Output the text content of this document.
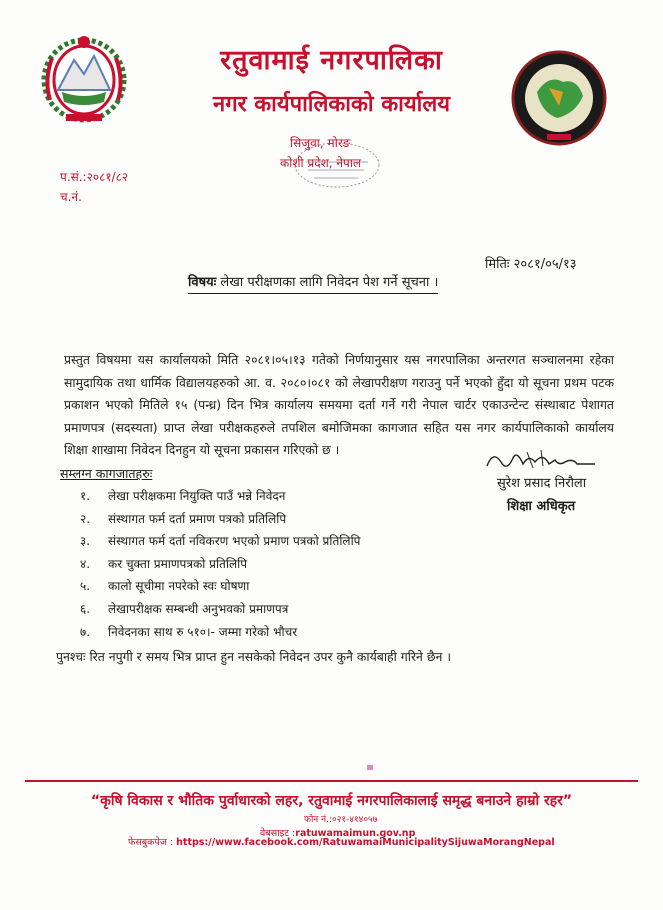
रतुवामाई नगरपालिका
नगर कार्यपालिकाको कार्यालय
सिजुवा, मोरङ
कोशी प्रदेश, नेपाल
प.सं.:२०८१/८२
च.नं.
मितिः २०८१/०५/१३
विषयः लेखा परीक्षणका लागि निवेदन पेश गर्ने सूचना ।
प्रस्तुत विषयमा यस कार्यालयको मिति २०८१।०५।१३ गतेको निर्णयानुसार यस नगरपालिका अन्तरगत सञ्चालनमा रहेका सामुदायिक तथा धार्मिक विद्यालयहरुको आ. व. २०८०।०८१ को लेखापरीक्षण गराउनु पर्ने भएको हुँदा यो सूचना प्रथम पटक प्रकाशन भएको मितिले १५ (पन्ध्र) दिन भित्र कार्यालय समयमा दर्ता गर्ने गरी नेपाल चार्टर एकाउन्टेन्ट संस्थाबाट पेशागत प्रमाणपत्र (सदस्यता) प्राप्त लेखा परीक्षकहरुले तपशिल बमोजिमका कागजात सहित यस नगर कार्यपालिकाको कार्यालय शिक्षा शाखामा निवेदन दिनहुन यो सूचना प्रकासन गरिएको छ ।
सम्लग्न कागजातहरुः
१.	लेखा परीक्षकमा नियुक्ति पाउँ भन्ने निवेदन
२.	संस्थागत फर्म दर्ता प्रमाण पत्रको प्रतिलिपि
३.	संस्थागत फर्म दर्ता नविकरण भएको प्रमाण पत्रको प्रतिलिपि
४.	कर चुक्ता प्रमाणपत्रको प्रतिलिपि
५.	कालो सूचीमा नपरेको स्वः घोषणा
६.	लेखापरीक्षक सम्बन्धी अनुभवको प्रमाणपत्र
७.	निवेदनका साथ रु ५१०।- जम्मा गरेको भौचर
सुरेश प्रसाद निरौला
शिक्षा अधिकृत
पुनश्चः रित नपुगी र समय भित्र प्राप्त हुन नसकेको निवेदन उपर कुनै कार्यबाही गरिने छैन ।
“कृषि विकास र भौतिक पुर्वाधारको लहर, रतुवामाई नगरपालिकालाई समृद्ध बनाउने हाम्रो रहर”
फोन नं.:०२१-४१४०५७
वेबसाइट :ratuwamaimun.gov.np
फेसबुकपेज : https://www.facebook.com/RatuwamaiMunicipalitySijuwaMorangNepal
